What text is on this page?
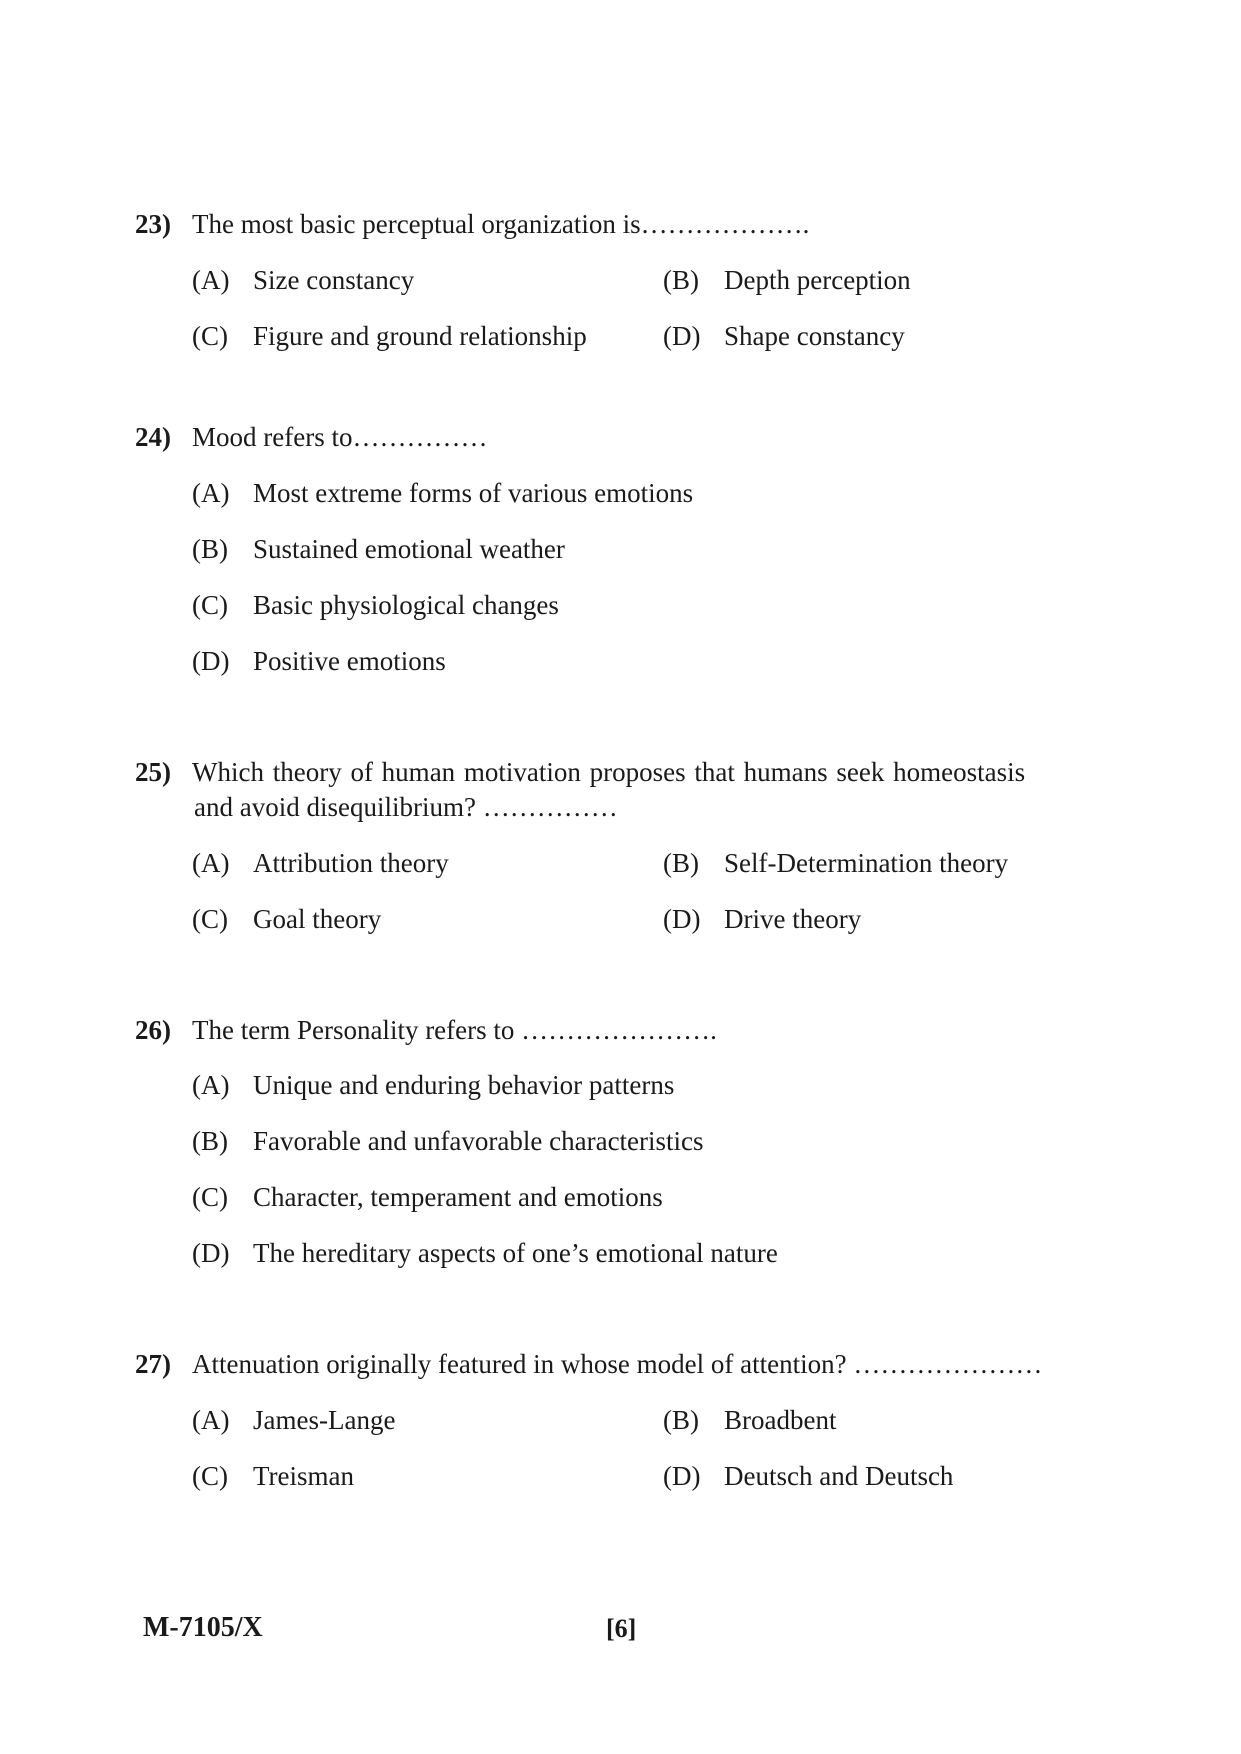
23) The most basic perceptual organization is……………….
(A) Size constancy	(B) Depth perception
(C) Figure and ground relationship	(D) Shape constancy
24) Mood refers to……………
(A) Most extreme forms of various emotions
(B) Sustained emotional weather
(C) Basic physiological changes
(D) Positive emotions
25) Which theory of human motivation proposes that humans seek homeostasis
and avoid disequilibrium? ……………
(A) Attribution theory	(B) Self-Determination theory
(C) Goal theory	(D) Drive theory
26) The term Personality refers to ………………….
(A) Unique and enduring behavior patterns
(B) Favorable and unfavorable characteristics
(C) Character, temperament and emotions
(D) The hereditary aspects of one’s emotional nature
27) Attenuation originally featured in whose model of attention? …………………
(A) James-Lange	(B) Broadbent
(C) Treisman	(D) Deutsch and Deutsch
M-7105/X	[6]
